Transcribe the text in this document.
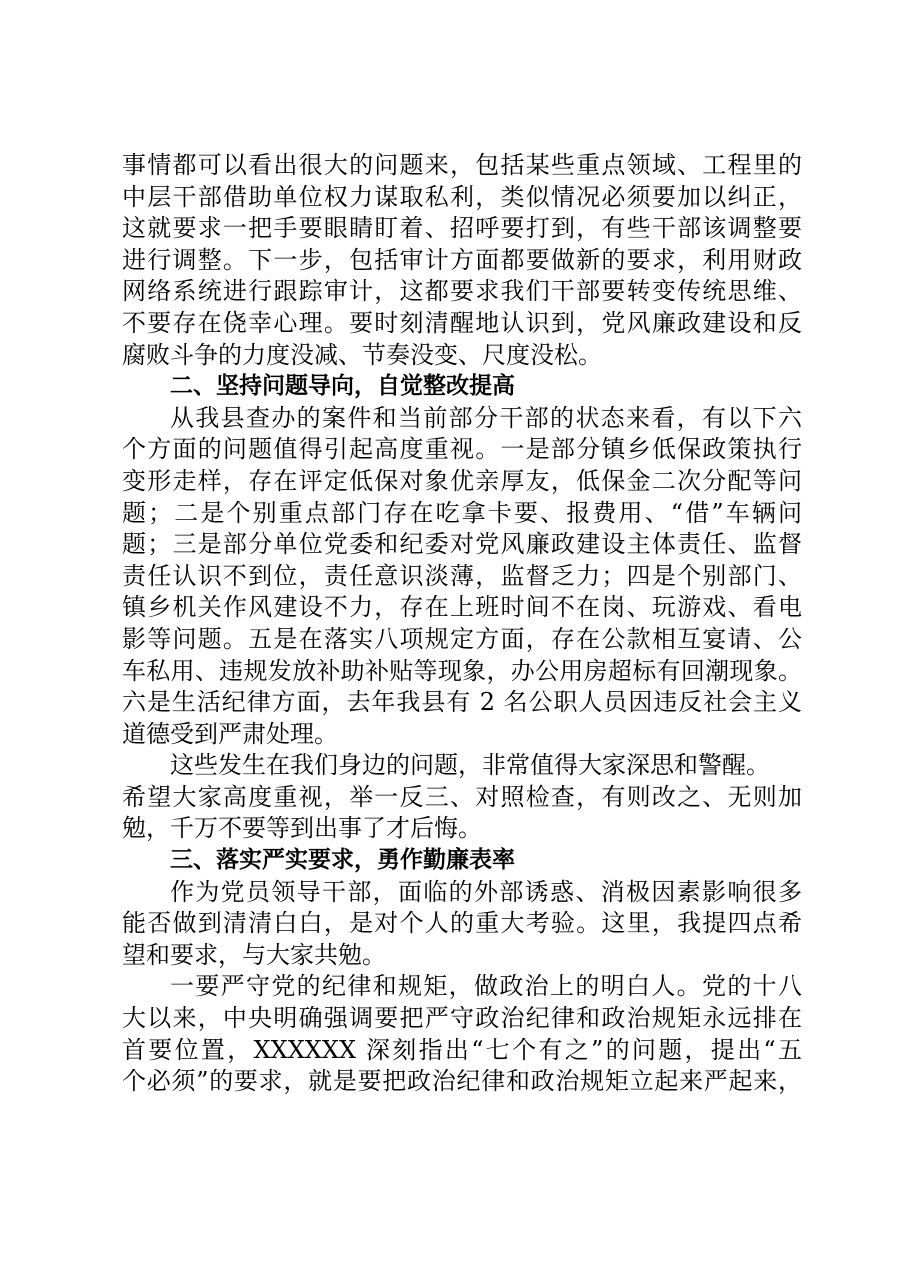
事情都可以看出很大的问题来，包括某些重点领域、工程里的
中层干部借助单位权力谋取私利，类似情况必须要加以纠正，
这就要求一把手要眼睛盯着、招呼要打到，有些干部该调整要
进行调整。下一步，包括审计方面都要做新的要求，利用财政
网络系统进行跟踪审计，这都要求我们干部要转变传统思维、
不要存在侥幸心理。要时刻清醒地认识到，党风廉政建设和反
腐败斗争的力度没减、节奏没变、尺度没松。
二、坚持问题导向，自觉整改提高
从我县查办的案件和当前部分干部的状态来看，有以下六
个方面的问题值得引起高度重视。一是部分镇乡低保政策执行
变形走样，存在评定低保对象优亲厚友，低保金二次分配等问
题；二是个别重点部门存在吃拿卡要、报费用、“借”车辆问
题；三是部分单位党委和纪委对党风廉政建设主体责任、监督
责任认识不到位，责任意识淡薄，监督乏力；四是个别部门、
镇乡机关作风建设不力，存在上班时间不在岗、玩游戏、看电
影等问题。五是在落实八项规定方面，存在公款相互宴请、公
车私用、违规发放补助补贴等现象，办公用房超标有回潮现象。
六是生活纪律方面，去年我县有 2 名公职人员因违反社会主义
道德受到严肃处理。
这些发生在我们身边的问题，非常值得大家深思和警醒。
希望大家高度重视，举一反三、对照检查，有则改之、无则加
勉，千万不要等到出事了才后悔。
三、落实严实要求，勇作勤廉表率
作为党员领导干部，面临的外部诱惑、消极因素影响很多
能否做到清清白白，是对个人的重大考验。这里，我提四点希
望和要求，与大家共勉。
一要严守党的纪律和规矩，做政治上的明白人。党的十八
大以来，中央明确强调要把严守政治纪律和政治规矩永远排在
首要位置，XXXXXX 深刻指出“七个有之”的问题，提出“五
个必须”的要求，就是要把政治纪律和政治规矩立起来严起来，
